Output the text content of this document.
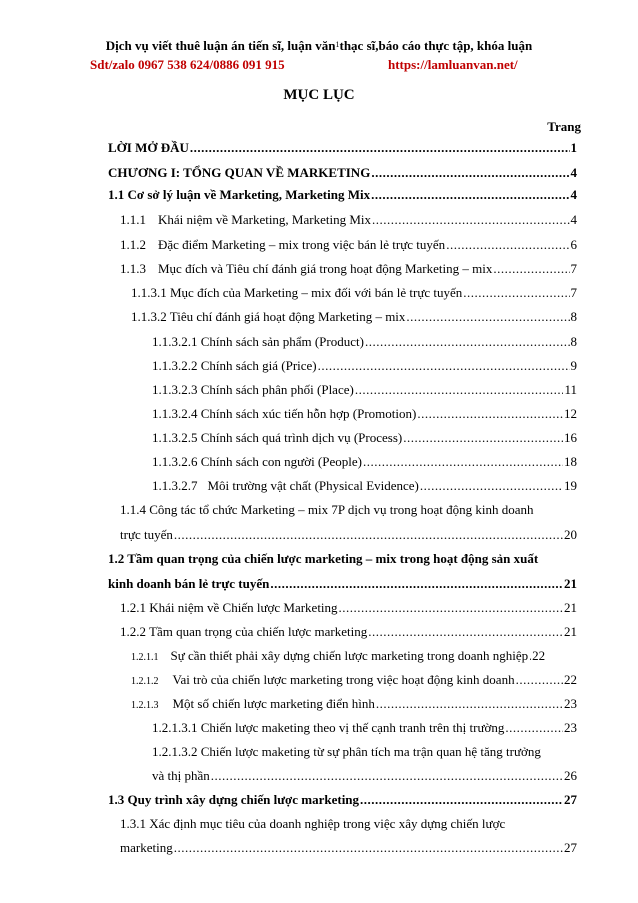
Dịch vụ viết thuê luận án tiến sĩ, luận văn$^1$thạc sĩ,báo cáo thực tập, khóa luận
Sdt/zalo 0967 538 624/0886 091 915	https://lamluanvan.net/
MỤC LỤC
Trang
LỜI MỞ ĐẦU .....	1
CHƯƠNG I: TỔNG QUAN VỀ MARKETING .....	4
1.1 Cơ sở lý luận về Marketing, Marketing Mix .....	4
1.1.1 Khái niệm về Marketing, Marketing Mix .....	4
1.1.2 Đặc điểm Marketing – mix trong việc bán lẻ trực tuyến .....	6
1.1.3 Mục đích và Tiêu chí đánh giá trong hoạt động Marketing – mix .....	7
1.1.3.1 Mục đích của Marketing – mix đối với bán lẻ trực tuyến .....	7
1.1.3.2 Tiêu chí đánh giá hoạt động Marketing – mix .....	8
1.1.3.2.1 Chính sách sản phẩm (Product) .....	8
1.1.3.2.2 Chính sách giá (Price) .....	9
1.1.3.2.3 Chính sách phân phối (Place) .....	11
1.1.3.2.4 Chính sách xúc tiến hỗn hợp (Promotion) .....	12
1.1.3.2.5 Chính sách quá trình dịch vụ (Process) .....	16
1.1.3.2.6 Chính sách con người (People) .....	18
1.1.3.2.7 Môi trường vật chất (Physical Evidence) .....	19
1.1.4 Công tác tổ chức Marketing – mix 7P dịch vụ trong hoạt động kinh doanh
trực tuyến .....	20
1.2 Tầm quan trọng của chiến lược marketing – mix trong hoạt động sản xuất
kinh doanh bán lẻ trực tuyến .....	21
1.2.1 Khái niệm về Chiến lược Marketing .....	21
1.2.2 Tầm quan trọng của chiến lược marketing .....	21
1.2.1.1 Sự cần thiết phải xây dựng chiến lược marketing trong doanh nghiệp ..... 22
1.2.1.2 Vai trò của chiến lược marketing trong việc hoạt động kinh doanh .....	22
1.2.1.3 Một số chiến lược marketing điển hình .....	23
1.2.1.3.1 Chiến lược maketing theo vị thế cạnh tranh trên thị trường .....	23
1.2.1.3.2 Chiến lược maketing từ sự phân tích ma trận quan hệ tăng trưởng
và thị phần .....	26
1.3 Quy trình xây dựng chiến lược marketing .....	27
1.3.1 Xác định mục tiêu của doanh nghiệp trong việc xây dựng chiến lược
marketing .....	27
